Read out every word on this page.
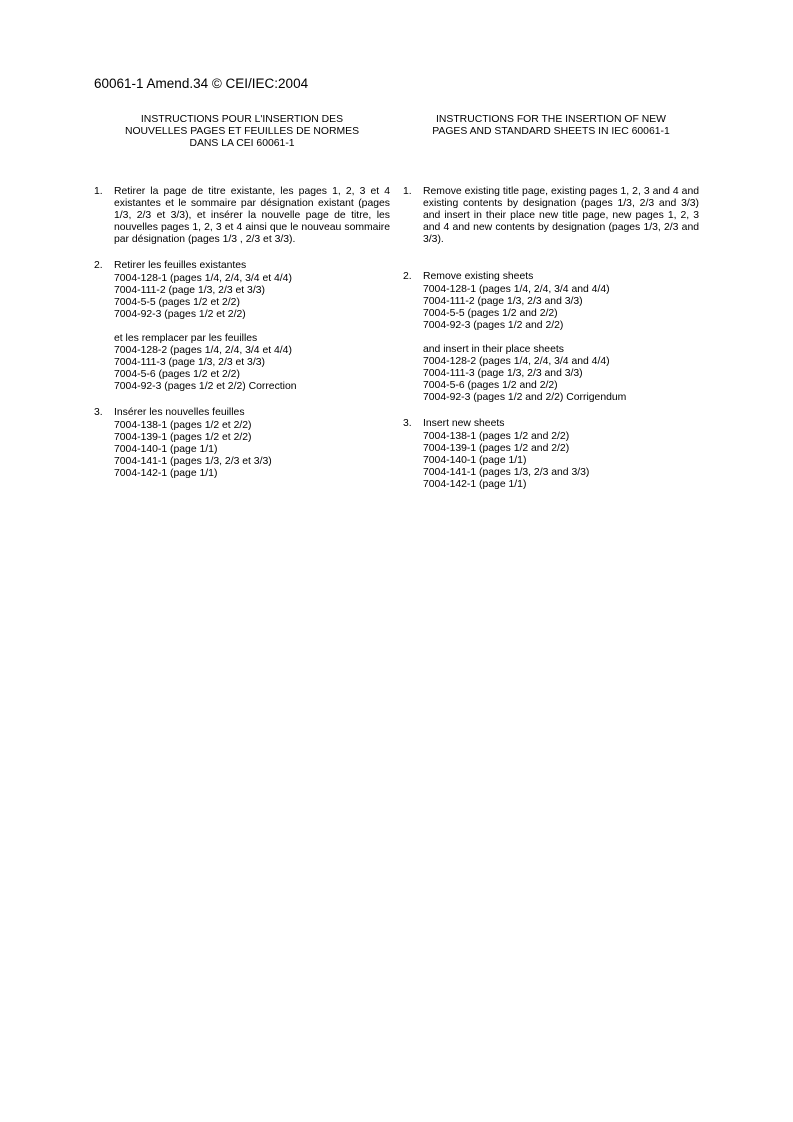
60061-1 Amend.34 © CEI/IEC:2004
INSTRUCTIONS POUR L'INSERTION DES
NOUVELLES PAGES ET FEUILLES DE NORMES
DANS LA CEI 60061-1
1. Retirer la page de titre existante, les pages 1, 2, 3 et 4 existantes et le sommaire par désignation existant (pages 1/3, 2/3 et 3/3), et insérer la nouvelle page de titre, les nouvelles pages 1, 2, 3 et 4 ainsi que le nouveau sommaire par désignation (pages 1/3 , 2/3 et 3/3).
2. Retirer les feuilles existantes
7004-128-1 (pages 1/4, 2/4, 3/4 et 4/4)
7004-111-2 (page 1/3, 2/3 et 3/3)
7004-5-5 (pages 1/2 et 2/2)
7004-92-3 (pages 1/2 et 2/2)
et les remplacer par les feuilles
7004-128-2 (pages 1/4, 2/4, 3/4 et 4/4)
7004-111-3 (page 1/3, 2/3 et 3/3)
7004-5-6 (pages 1/2 et 2/2)
7004-92-3 (pages 1/2 et 2/2) Correction
3. Insérer les nouvelles feuilles
7004-138-1 (pages 1/2 et 2/2)
7004-139-1 (pages 1/2 et 2/2)
7004-140-1 (page 1/1)
7004-141-1 (pages 1/3, 2/3 et 3/3)
7004-142-1 (page 1/1)
INSTRUCTIONS FOR THE INSERTION OF NEW
PAGES AND STANDARD SHEETS IN IEC 60061-1
1. Remove existing title page, existing pages 1, 2, 3 and 4 and existing contents by designation (pages 1/3, 2/3 and 3/3) and insert in their place new title page, new pages 1, 2, 3 and 4 and new contents by designation (pages 1/3, 2/3 and 3/3).
2. Remove existing sheets
7004-128-1 (pages 1/4, 2/4, 3/4 and 4/4)
7004-111-2 (page 1/3, 2/3 and 3/3)
7004-5-5 (pages 1/2 and 2/2)
7004-92-3 (pages 1/2 and 2/2)
and insert in their place sheets
7004-128-2 (pages 1/4, 2/4, 3/4 and 4/4)
7004-111-3 (page 1/3, 2/3 and 3/3)
7004-5-6 (pages 1/2 and 2/2)
7004-92-3 (pages 1/2 and 2/2) Corrigendum
3. Insert new sheets
7004-138-1 (pages 1/2 and 2/2)
7004-139-1 (pages 1/2 and 2/2)
7004-140-1 (page 1/1)
7004-141-1 (pages 1/3, 2/3 and 3/3)
7004-142-1 (page 1/1)
